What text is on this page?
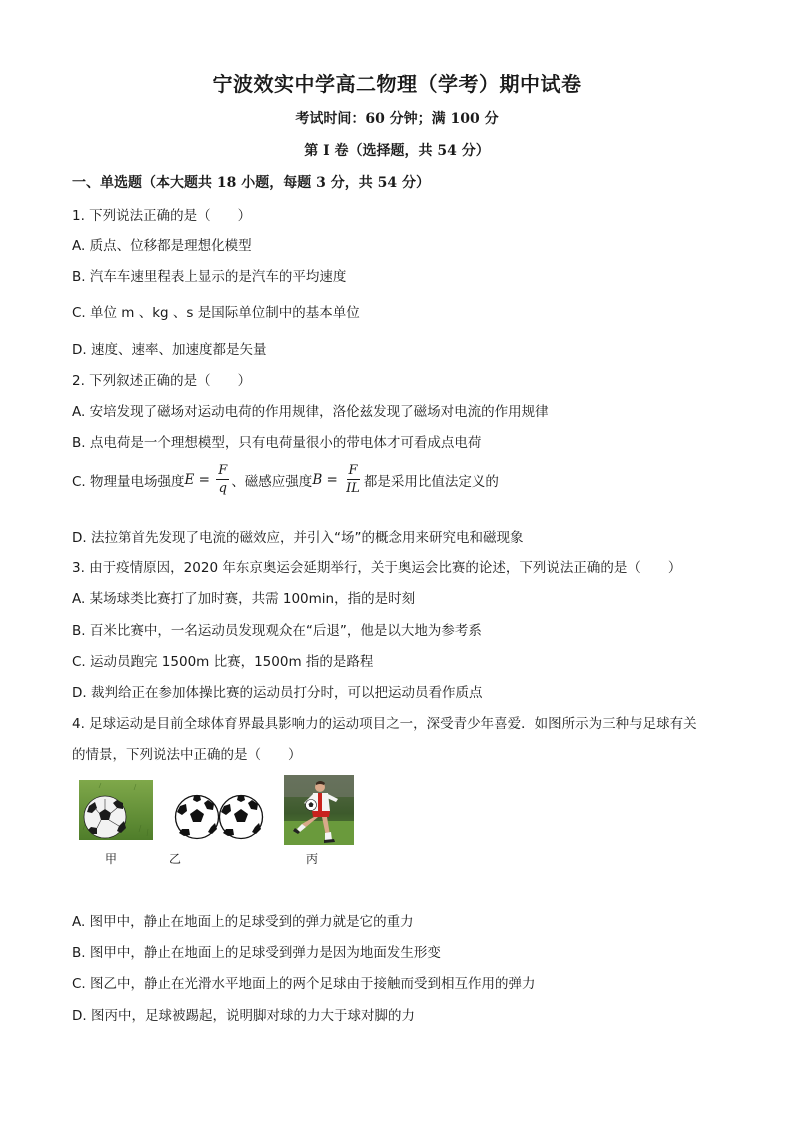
宁波效实中学高二物理（学考）期中试卷
考试时间：60 分钟；满 100 分
第 I 卷（选择题，共 54 分）
一、单选题（本大题共 18 小题，每题 3 分，共 54 分）
1. 下列说法正确的是（　　）
A. 质点、位移都是理想化模型
B. 汽车车速里程表上显示的是汽车的平均速度
C. 单位 m 、kg 、s 是国际单位制中的基本单位
D. 速度、速率、加速度都是矢量
2. 下列叙述正确的是（　　）
A. 安培发现了磁场对运动电荷的作用规律，洛伦兹发现了磁场对电流的作用规律
B. 点电荷是一个理想模型，只有电荷量很小的带电体才可看成点电荷
C. 物理量电场强度 $E = \frac{F}{q}$ 、磁感应强度 $B = \frac{F}{IL}$ 都是采用比值法定义的
D. 法拉第首先发现了电流的磁效应，并引入“场”的概念用来研究电和磁现象
3. 由于疫情原因，2020 年东京奥运会延期举行，关于奥运会比赛的论述，下列说法正确的是（　　）
A. 某场球类比赛打了加时赛，共需 100min，指的是时刻
B. 百米比赛中，一名运动员发现观众在“后退”，他是以大地为参考系
C. 运动员跑完 1500m 比赛，1500m 指的是路程
D. 裁判给正在参加体操比赛的运动员打分时，可以把运动员看作质点
4. 足球运动是目前全球体育界最具影响力的运动项目之一，深受青少年喜爱．如图所示为三种与足球有关
的情景，下列说法中正确的是（　　）
甲	乙	丙
A. 图甲中，静止在地面上的足球受到的弹力就是它的重力
B. 图甲中，静止在地面上的足球受到弹力是因为地面发生形变
C. 图乙中，静止在光滑水平地面上的两个足球由于接触而受到相互作用的弹力
D. 图丙中，足球被踢起，说明脚对球的力大于球对脚的力
